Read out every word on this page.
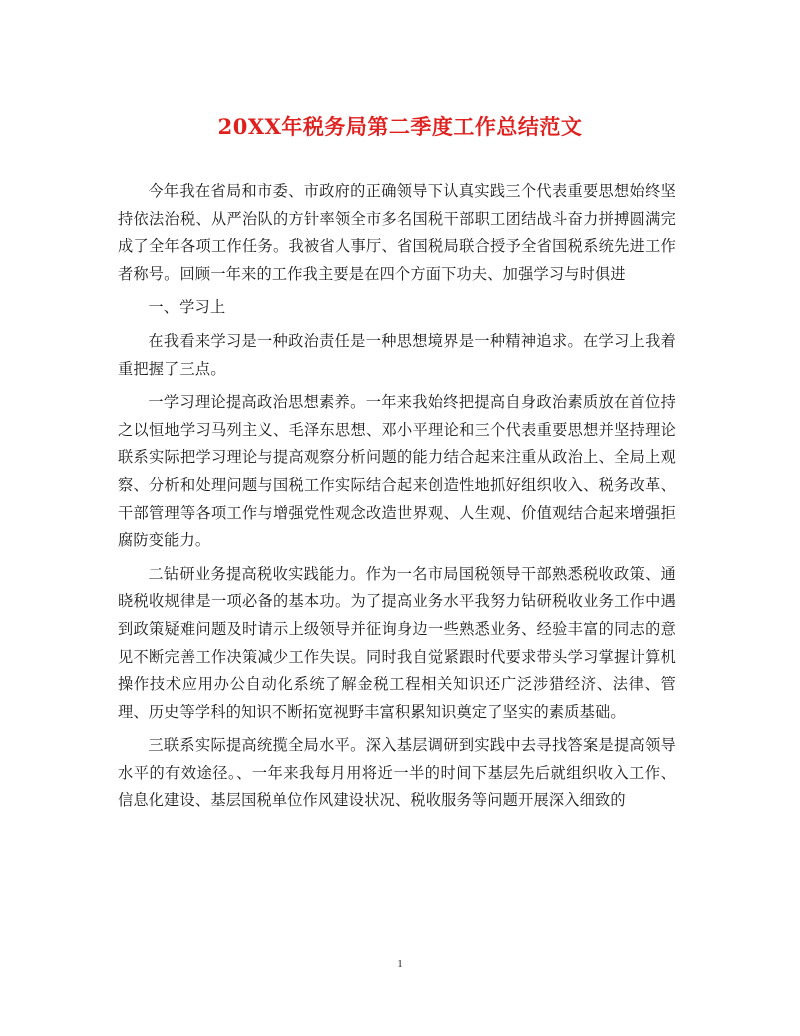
20XX年税务局第二季度工作总结范文

今年我在省局和市委、市政府的正确领导下认真实践三个代表重要思想始终坚持依法治税、从严治队的方针率领全市多名国税干部职工团结战斗奋力拼搏圆满完成了全年各项工作任务。我被省人事厅、省国税局联合授予全省国税系统先进工作者称号。回顾一年来的工作我主要是在四个方面下功夫、加强学习与时俱进

一、学习上

在我看来学习是一种政治责任是一种思想境界是一种精神追求。在学习上我着重把握了三点。

一学习理论提高政治思想素养。一年来我始终把提高自身政治素质放在首位持之以恒地学习马列主义、毛泽东思想、邓小平理论和三个代表重要思想并坚持理论联系实际把学习理论与提高观察分析问题的能力结合起来注重从政治上、全局上观察、分析和处理问题与国税工作实际结合起来创造性地抓好组织收入、税务改革、干部管理等各项工作与增强党性观念改造世界观、人生观、价值观结合起来增强拒腐防变能力。

二钻研业务提高税收实践能力。作为一名市局国税领导干部熟悉税收政策、通晓税收规律是一项必备的基本功。为了提高业务水平我努力钻研税收业务工作中遇到政策疑难问题及时请示上级领导并征询身边一些熟悉业务、经验丰富的同志的意见不断完善工作决策减少工作失误。同时我自觉紧跟时代要求带头学习掌握计算机操作技术应用办公自动化系统了解金税工程相关知识还广泛涉猎经济、法律、管理、历史等学科的知识不断拓宽视野丰富积累知识奠定了坚实的素质基础。

三联系实际提高统揽全局水平。深入基层调研到实践中去寻找答案是提高领导水平的有效途径。、一年来我每月用将近一半的时间下基层先后就组织收入工作、信息化建设、基层国税单位作风建设状况、税收服务等问题开展深入细致的

1
